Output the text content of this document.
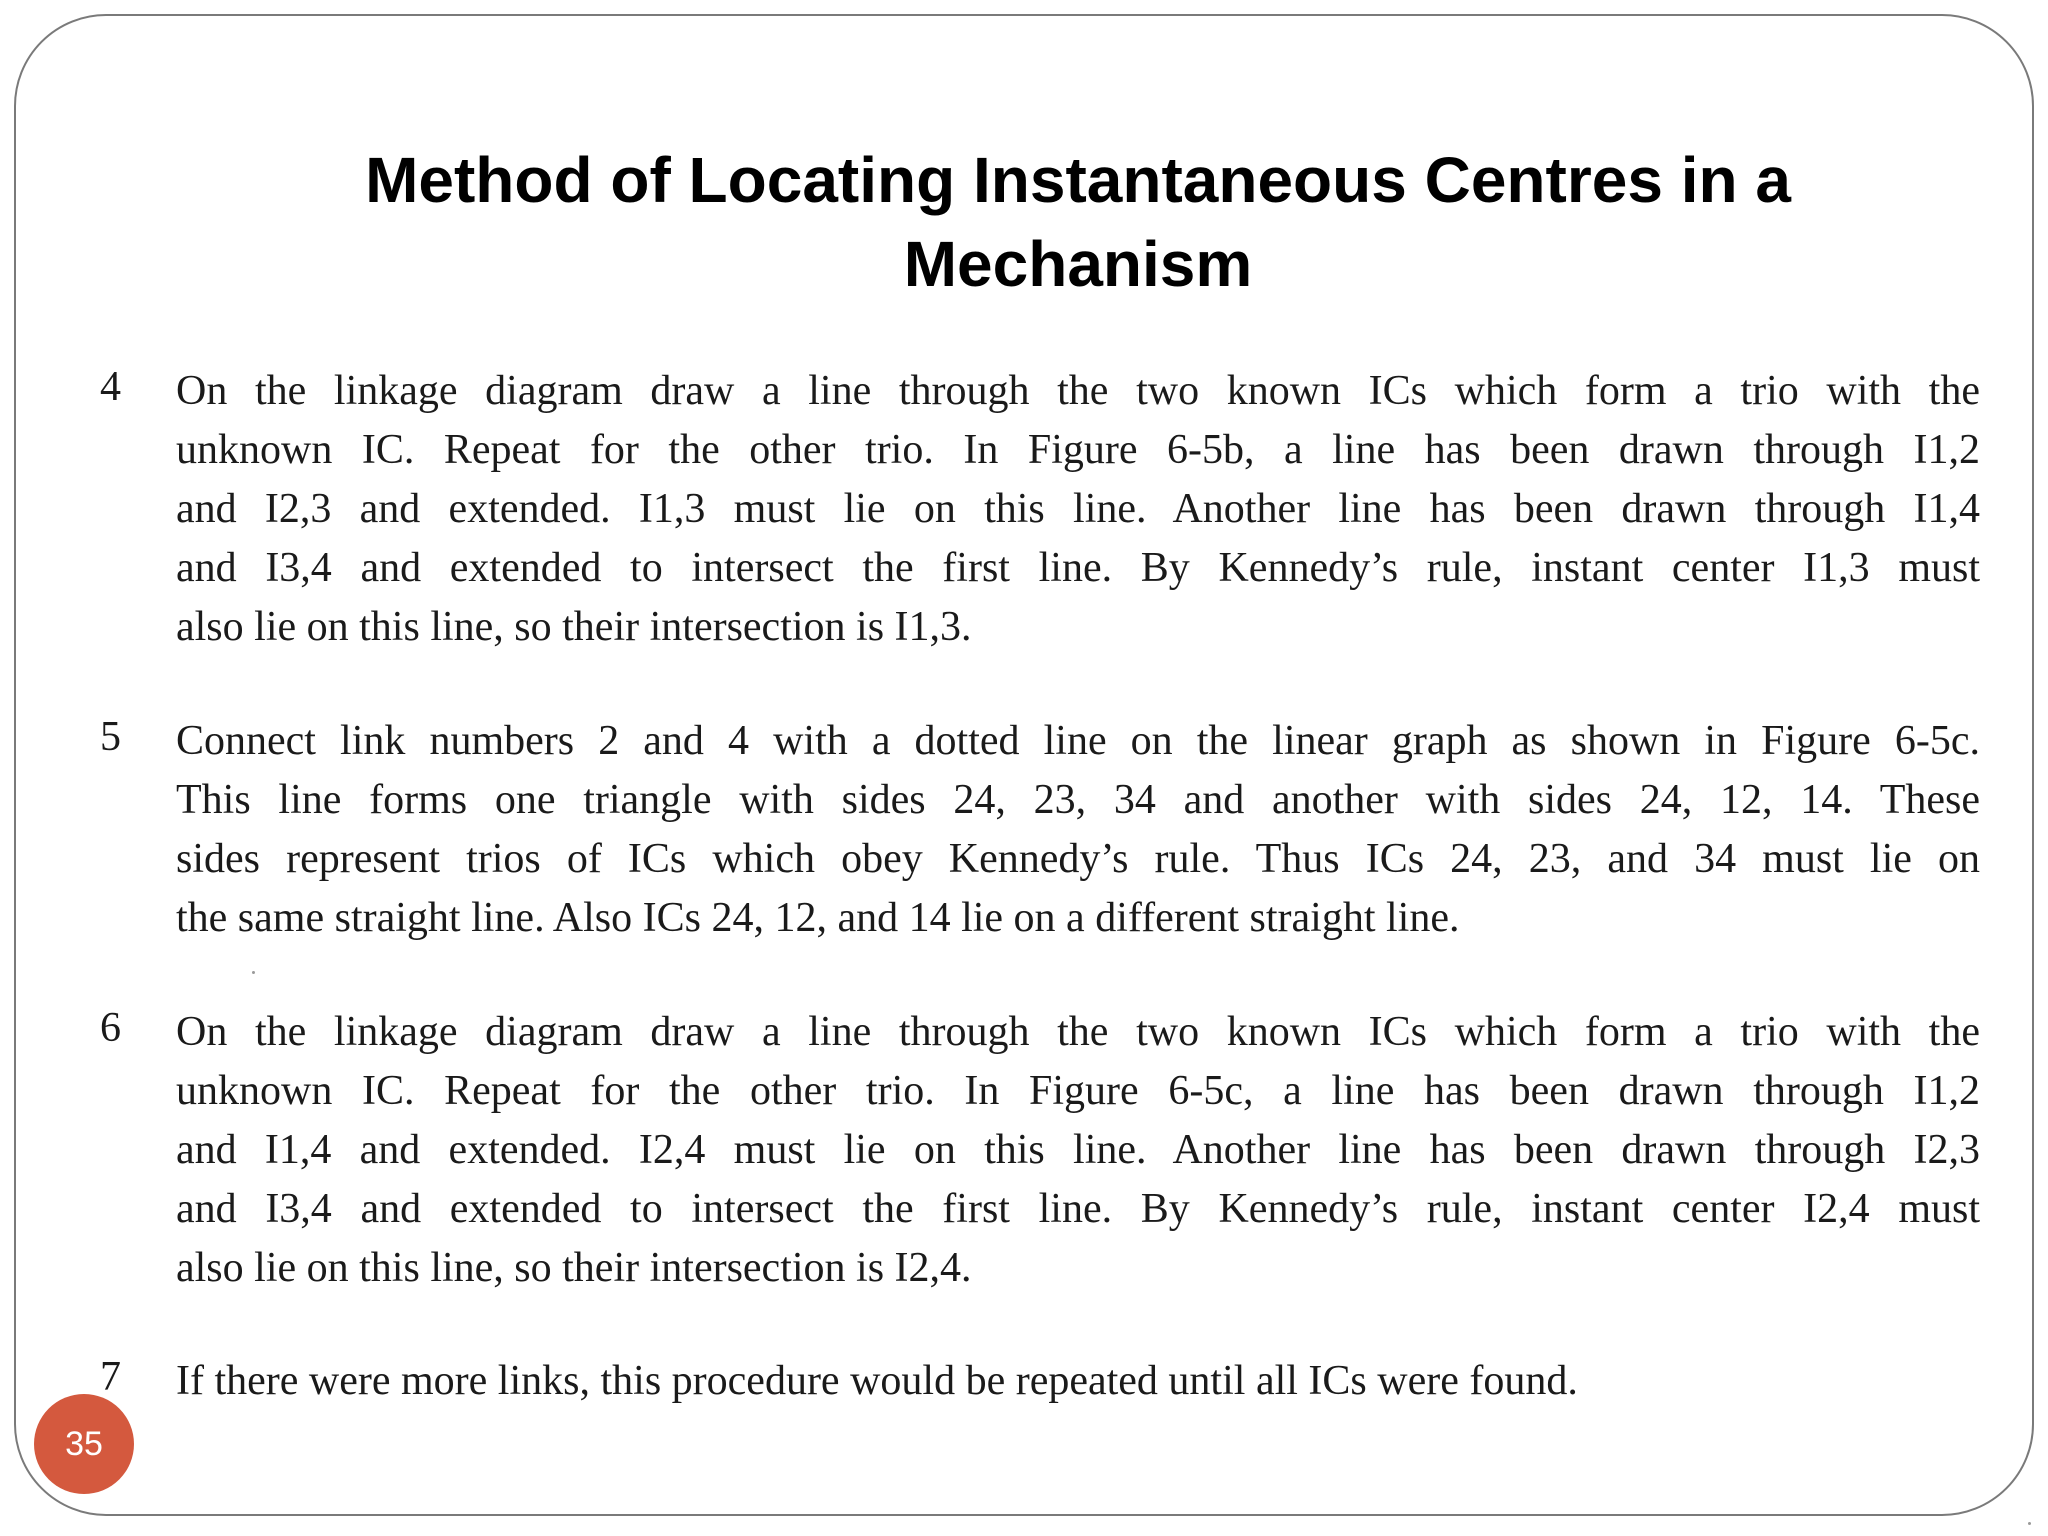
Method of Locating Instantaneous Centres in a Mechanism
4 On the linkage diagram draw a line through the two known ICs which form a trio with the
unknown IC. Repeat for the other trio. In Figure 6-5b, a line has been drawn through I1,2
and I2,3 and extended. I1,3 must lie on this line. Another line has been drawn through I1,4
and I3,4 and extended to intersect the first line. By Kennedy’s rule, instant center I1,3 must
also lie on this line, so their intersection is I1,3.
5 Connect link numbers 2 and 4 with a dotted line on the linear graph as shown in Figure 6-5c.
This line forms one triangle with sides 24, 23, 34 and another with sides 24, 12, 14. These
sides represent trios of ICs which obey Kennedy’s rule. Thus ICs 24, 23, and 34 must lie on
the same straight line. Also ICs 24, 12, and 14 lie on a different straight line.
6 On the linkage diagram draw a line through the two known ICs which form a trio with the
unknown IC. Repeat for the other trio. In Figure 6-5c, a line has been drawn through I1,2
and I1,4 and extended. I2,4 must lie on this line. Another line has been drawn through I2,3
and I3,4 and extended to intersect the first line. By Kennedy’s rule, instant center I2,4 must
also lie on this line, so their intersection is I2,4.
7 If there were more links, this procedure would be repeated until all ICs were found.
35
